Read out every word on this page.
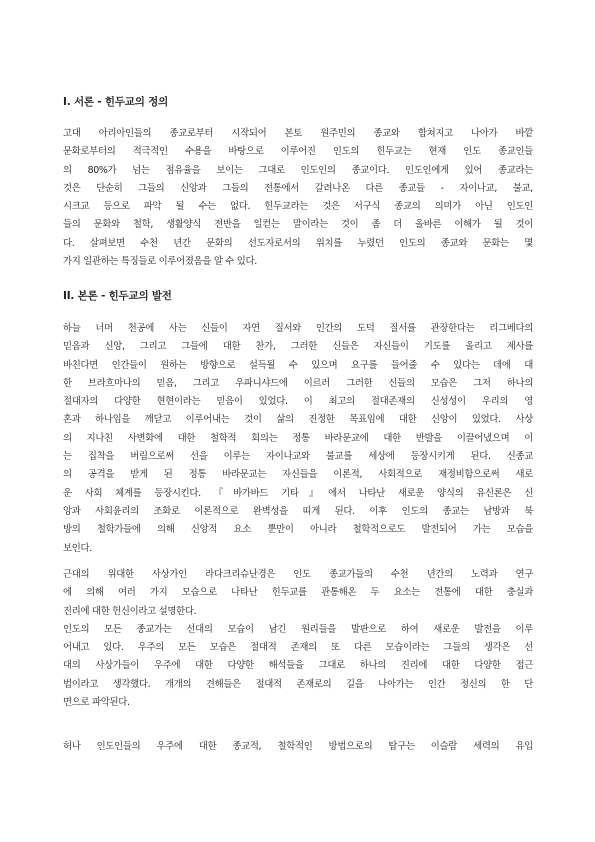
I. 서론 - 힌두교의 정의
고대 아리아인들의 종교로부터 시작되어 본토 원주민의 종교와 합쳐지고 나아가 바깥
문화로부터의 적극적인 수용을 바탕으로 이루어진 인도의 힌두교는 현재 인도 종교인들
의 80%가 넘는 점유율을 보이는 그대로 인도인의 종교이다. 인도인에게 있어 종교라는
것은 단순히 그들의 신앙과 그들의 전통에서 갈려나온 다른 종교들 - 자이나교, 불교,
시크교 등으로 파악 될 수는 없다. 힌두교라는 것은 서구식 종교의 의미가 아닌 인도인
들의 문화와 철학, 생활양식 전반을 일컫는 말이라는 것이 좀 더 올바른 이해가 될 것이
다. 살펴보면 수천 년간 문화의 선도자로서의 위치를 누렸던 인도의 종교와 문화는 몇
가지 일관하는 특징들로 이루어졌음을 알 수 있다.
II. 본론 - 힌두교의 발전
하늘 너머 천공에 사는 신들이 자연 질서와 인간의 도덕 질서를 관장한다는 리그베다의
믿음과 신앙, 그리고 그들에 대한 찬가, 그러한 신들은 자신들이 기도를 올리고 제사를
바친다면 인간들이 원하는 방향으로 설득될 수 있으며 요구를 들어줄 수 있다는 데에 대
한 브라흐마나의 믿음, 그리고 우파니샤드에 이르러 그러한 신들의 모습은 그저 하나의
절대자의 다양한 현현이라는 믿음이 있었다. 이 최고의 절대존재의 신성성이 우리의 영
혼과 하나임을 깨닫고 이루어내는 것이 삶의 진정한 목표임에 대한 신앙이 있었다. 사상
의 지나친 사변화에 대한 철학적 회의는 정통 바라문교에 대한 반발을 이끌어냈으며 이
는 집착을 버림으로써 선을 이루는 자이나교와 불교를 세상에 등장시키게 된다. 신종교
의 공격을 받게 된 정통 바라문교는 자신들을 이론적, 사회적으로 재정비함으로써 새로
운 사회 체계를 등장시킨다. 『바가바드 기타』에서 나타난 새로운 양식의 유신론은 신
앙과 사회윤리의 조화로 이론적으로 완벽성을 띠게 된다. 이후 인도의 종교는 남방과 북
방의 철학가들에 의해 신앙적 요소 뿐만이 아니라 철학적으로도 발전되어 가는 모습을
보인다.
근대의 위대한 사상가인 라다크리슈난경은 인도 종교가들의 수천 년간의 노력과 연구
에 의해 여러 가지 모습으로 나타난 힌두교를 관통해온 두 요소는 전통에 대한 충실과
진리에 대한 헌신이라고 설명한다.
인도의 모든 종교가는 선대의 모습이 남긴 원리들을 발판으로 하여 새로운 발전을 이루
어내고 있다. 우주의 모든 모습은 절대적 존재의 또 다른 모습이라는 그들의 생각은 선
대의 사상가들이 우주에 대한 다양한 해석들을 그대로 하나의 진리에 대한 다양한 접근
법이라고 생각했다. 개개의 견해들은 절대적 존재로의 길을 나아가는 인간 정신의 한 단
면으로 파악된다.
허나 인도인들의 우주에 대한 종교적, 철학적인 방법으로의 탐구는 이슬람 세력의 유입
